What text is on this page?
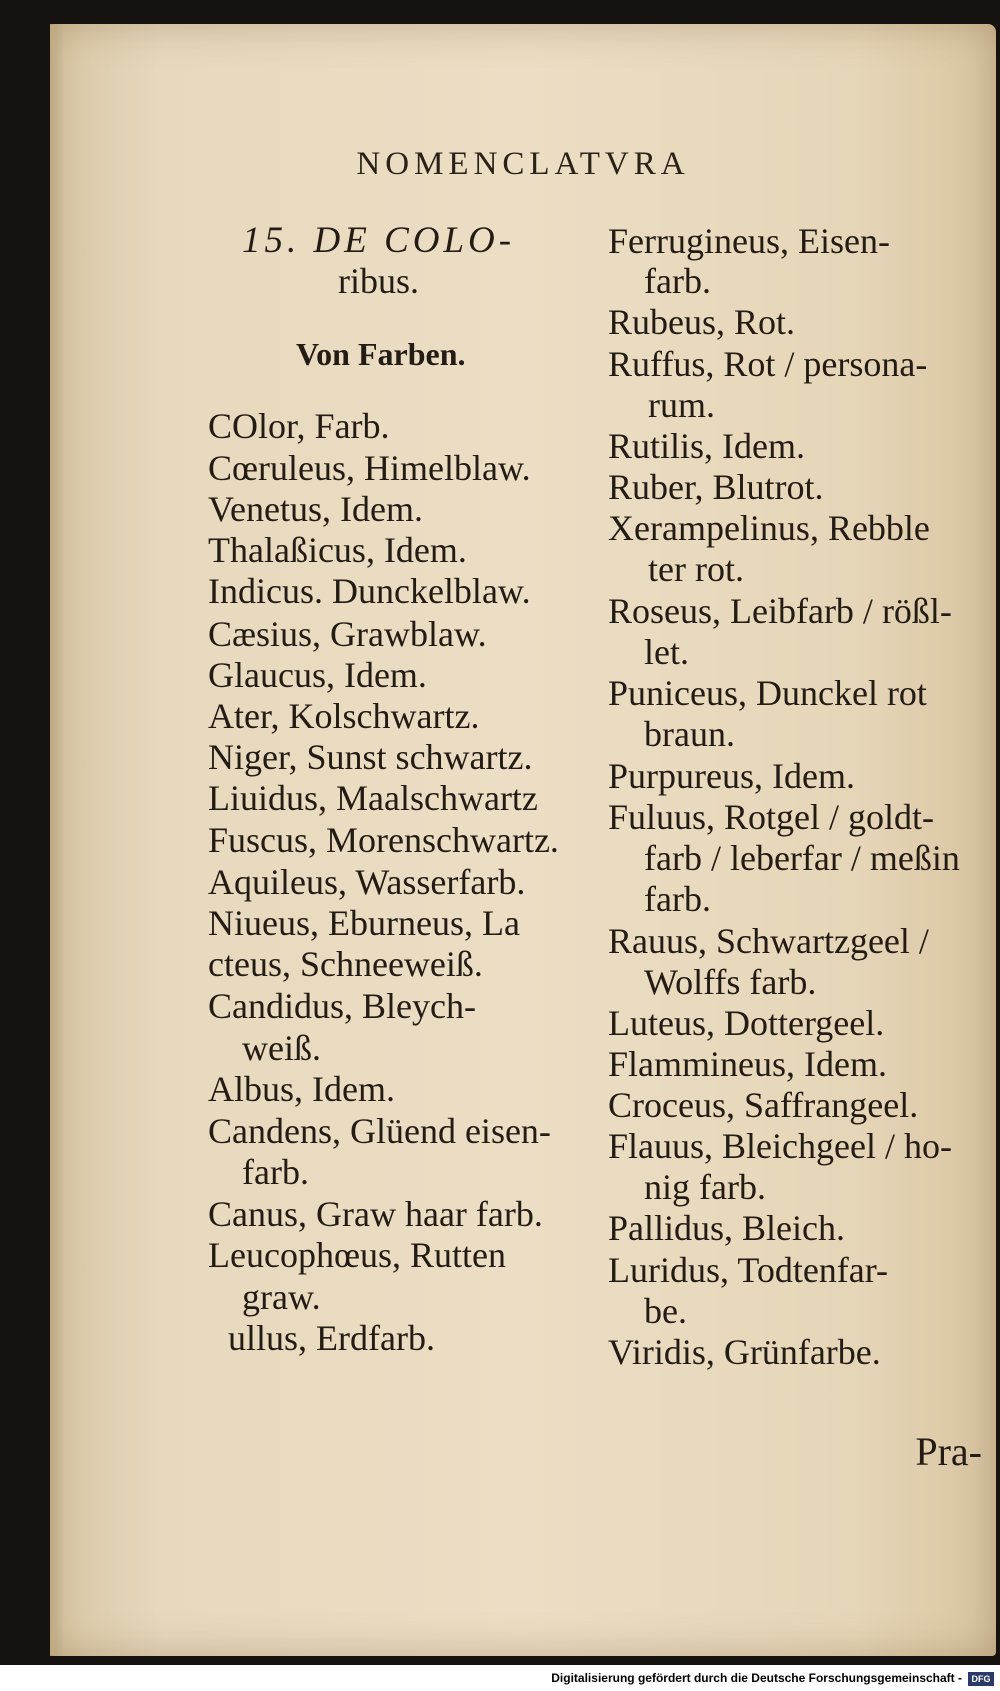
NOMENCLATVRA
15. DE COLO-
ribus.
Von Farben.
COlor, Farb.
Cœruleus, Himelblaw.
Venetus, Idem.
Thalaßicus, Idem.
Indicus. Dunckelblaw.
Cæsius, Grawblaw.
Glaucus, Idem.
Ater, Kolschwartz.
Niger, Sunst schwartz.
Liuidus, Maalschwartz
Fuscus, Morenschwartz.
Aquileus, Wasserfarb.
Niueus, Eburneus, La
cteus, Schneeweiß.
Candidus, Bleych-
weiß.
Albus, Idem.
Candens, Glüend eisen-
farb.
Canus, Graw haar farb.
Leucophœus, Rutten
graw.
ullus, Erdfarb.
Ferrugineus, Eisen-
farb.
Rubeus, Rot.
Ruffus, Rot / persona-
rum.
Rutilis, Idem.
Ruber, Blutrot.
Xerampelinus, Rebble
ter rot.
Roseus, Leibfarb / rößl-
let.
Puniceus, Dunckel rot
braun.
Purpureus, Idem.
Fuluus, Rotgel / goldt-
farb / leberfar / meßin
farb.
Rauus, Schwartzgeel /
Wolffs farb.
Luteus, Dottergeel.
Flammineus, Idem.
Croceus, Saffrangeel.
Flauus, Bleichgeel / ho-
nig farb.
Pallidus, Bleich.
Luridus, Todtenfar-
be.
Viridis, Grünfarbe.
Pra-
Digitalisierung gefördert durch die Deutsche Forschungsgemeinschaft - DFG
